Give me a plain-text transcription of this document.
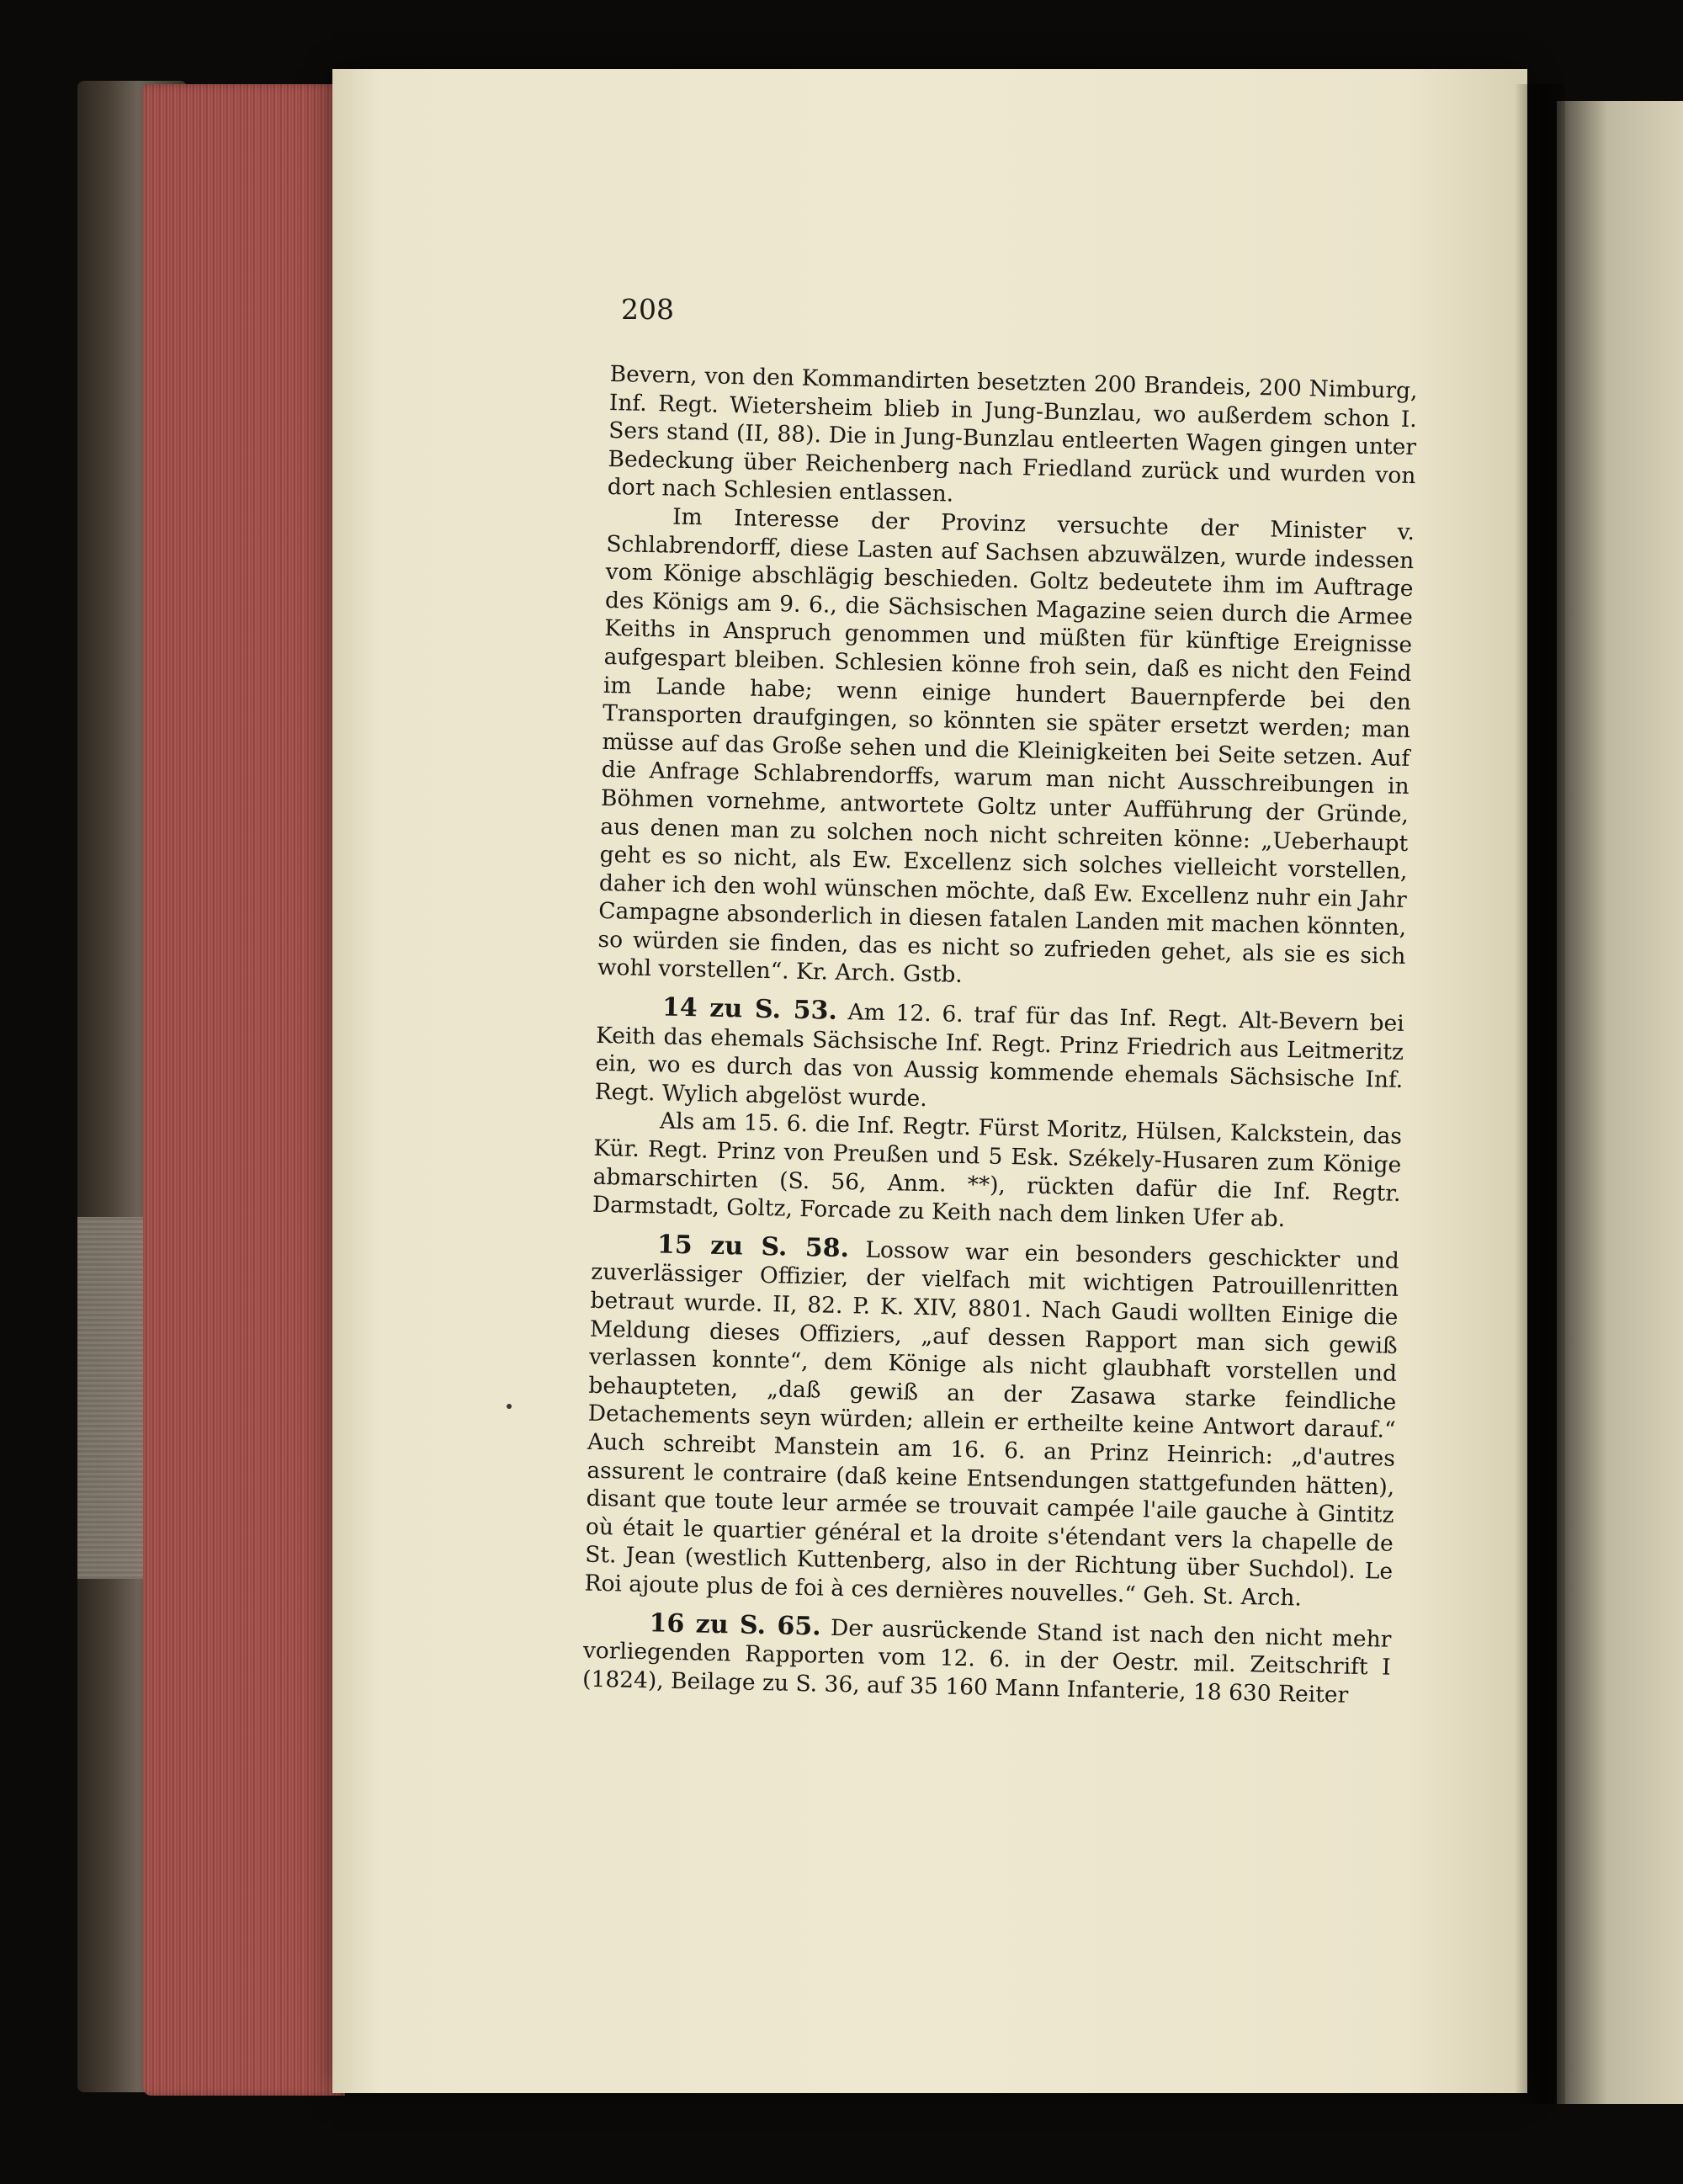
208

Bevern, von den Kommandirten besetzten 200 Brandeis, 200 Nimburg, Inf. Regt. Wietersheim blieb in Jung-Bunzlau, wo außerdem schon I. Sers stand (II, 88). Die in Jung-Bunzlau entleerten Wagen gingen unter Bedeckung über Reichenberg nach Friedland zurück und wurden von dort nach Schlesien entlassen.

Im Interesse der Provinz versuchte der Minister v. Schlabrendorff, diese Lasten auf Sachsen abzuwälzen, wurde indessen vom Könige abschlägig beschieden. Goltz bedeutete ihm im Auftrage des Königs am 9. 6., die Sächsischen Magazine seien durch die Armee Keiths in Anspruch genommen und müßten für künftige Ereignisse aufgespart bleiben. Schlesien könne froh sein, daß es nicht den Feind im Lande habe; wenn einige hundert Bauernpferde bei den Transporten draufgingen, so könnten sie später ersetzt werden; man müsse auf das Große sehen und die Kleinigkeiten bei Seite setzen. Auf die Anfrage Schlabrendorffs, warum man nicht Ausschreibungen in Böhmen vornehme, antwortete Goltz unter Aufführung der Gründe, aus denen man zu solchen noch nicht schreiten könne: „Ueberhaupt geht es so nicht, als Ew. Excellenz sich solches vielleicht vorstellen, daher ich den wohl wünschen möchte, daß Ew. Excellenz nuhr ein Jahr Campagne absonderlich in diesen fatalen Landen mit machen könnten, so würden sie finden, das es nicht so zufrieden gehet, als sie es sich wohl vorstellen“. Kr. Arch. Gstb.

14 zu S. 53. Am 12. 6. traf für das Inf. Regt. Alt-Bevern bei Keith das ehemals Sächsische Inf. Regt. Prinz Friedrich aus Leitmeritz ein, wo es durch das von Aussig kommende ehemals Sächsische Inf. Regt. Wylich abgelöst wurde.

Als am 15. 6. die Inf. Regtr. Fürst Moritz, Hülsen, Kalckstein, das Kür. Regt. Prinz von Preußen und 5 Esk. Székely-Husaren zum Könige abmarschirten (S. 56, Anm. **), rückten dafür die Inf. Regtr. Darmstadt, Goltz, Forcade zu Keith nach dem linken Ufer ab.

15 zu S. 58. Lossow war ein besonders geschickter und zuverlässiger Offizier, der vielfach mit wichtigen Patrouillenritten betraut wurde. II, 82. P. K. XIV, 8801. Nach Gaudi wollten Einige die Meldung dieses Offiziers, „auf dessen Rapport man sich gewiß verlassen konnte“, dem Könige als nicht glaubhaft vorstellen und behaupteten, „daß gewiß an der Zasawa starke feindliche Detachements seyn würden; allein er ertheilte keine Antwort darauf.“ Auch schreibt Manstein am 16. 6. an Prinz Heinrich: „d'autres assurent le contraire (daß keine Entsendungen stattgefunden hätten), disant que toute leur armée se trouvait campée l'aile gauche à Gintitz où était le quartier général et la droite s'étendant vers la chapelle de St. Jean (westlich Kuttenberg, also in der Richtung über Suchdol). Le Roi ajoute plus de foi à ces dernières nouvelles.“ Geh. St. Arch.

16 zu S. 65. Der ausrückende Stand ist nach den nicht mehr vorliegenden Rapporten vom 12. 6. in der Oestr. mil. Zeitschrift I (1824), Beilage zu S. 36, auf 35 160 Mann Infanterie, 18 630 Reiter
